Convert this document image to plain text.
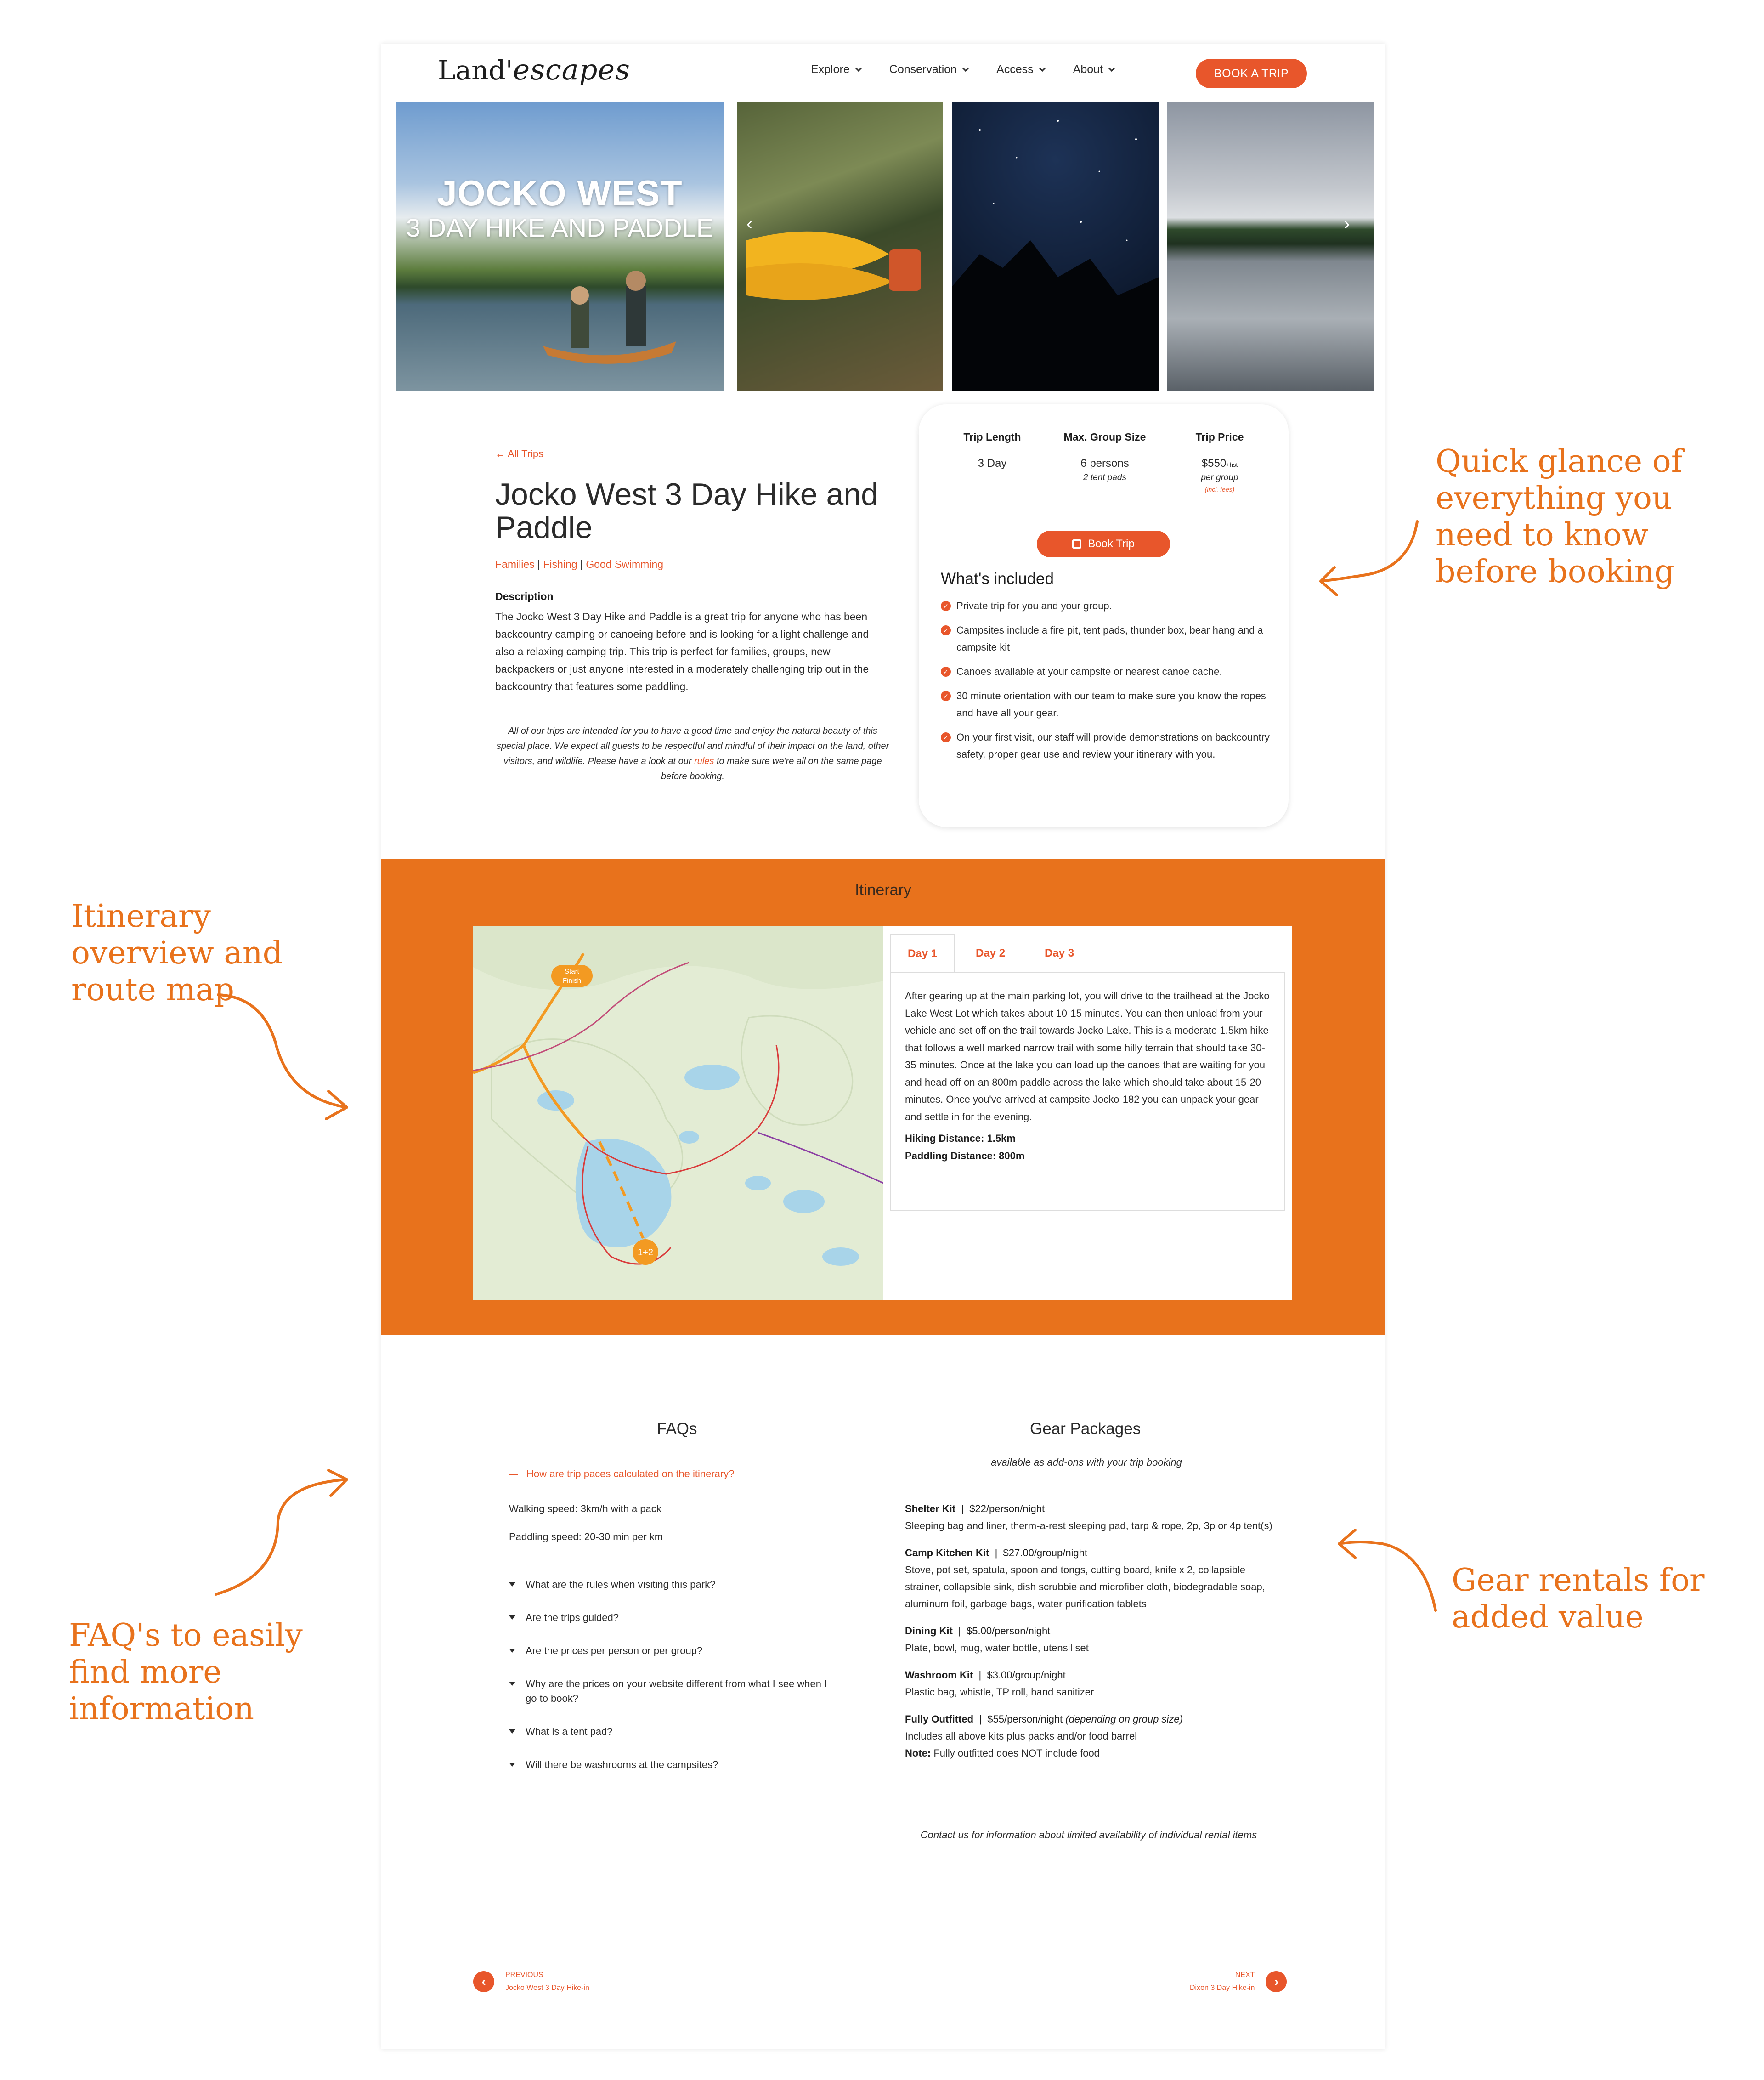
Land' escapes	Explore	Conservation	Access	About	BOOK A TRIP
JOCKO WEST
3 DAY HIKE AND PADDLE	‹	›
← All Trips
Jocko West 3 Day Hike and Paddle
Families | Fishing | Good Swimming
Description
The Jocko West 3 Day Hike and Paddle is a great trip for anyone who has been backcountry camping or canoeing before and is looking for a light challenge and also a relaxing camping trip. This trip is perfect for families, groups, new backpackers or just anyone interested in a moderately challenging trip out in the backcountry that features some paddling.
All of our trips are intended for you to have a good time and enjoy the natural beauty of this special place. We expect all guests to be respectful and mindful of their impact on the land, other visitors, and wildlife. Please have a look at our rules to make sure we're all on the same page before booking.
Trip Length
3 Day
Max. Group Size
6 persons
2 tent pads
Trip Price
$550+hst
per group
(incl. fees)
Book Trip
What's included
✓ Private trip for you and your group.
✓ Campsites include a fire pit, tent pads, thunder box, bear hang and a campsite kit
✓ Canoes available at your campsite or nearest canoe cache.
✓ 30 minute orientation with our team to make sure you know the ropes and have all your gear.
✓ On your first visit, our staff will provide demonstrations on backcountry safety, proper gear use and review your itinerary with you.
Itinerary
Start
Finish
1+2
Day 1	Day 2	Day 3
After gearing up at the main parking lot, you will drive to the trailhead at the Jocko Lake West Lot which takes about 10-15 minutes. You can then unload from your vehicle and set off on the trail towards Jocko Lake. This is a moderate 1.5km hike that follows a well marked narrow trail with some hilly terrain that should take 30-35 minutes. Once at the lake you can load up the canoes that are waiting for you and head off on an 800m paddle across the lake which should take about 15-20 minutes. Once you've arrived at campsite Jocko-182 you can unpack your gear and settle in for the evening.
Hiking Distance: 1.5km
Paddling Distance: 800m
FAQs
How are trip paces calculated on the itinerary?
Walking speed: 3km/h with a pack
Paddling speed: 20-30 min per km
What are the rules when visiting this park?
Are the trips guided?
Are the prices per person or per group?
Why are the prices on your website different from what I see when I go to book?
What is a tent pad?
Will there be washrooms at the campsites?
Gear Packages
available as add-ons with your trip booking
Shelter Kit  |  $22/person/night
Sleeping bag and liner, therm-a-rest sleeping pad, tarp & rope, 2p, 3p or 4p tent(s)
Camp Kitchen Kit  |  $27.00/group/night
Stove, pot set, spatula, spoon and tongs, cutting board, knife x 2, collapsible strainer, collapsible sink, dish scrubbie and microfiber cloth, biodegradable soap, aluminum foil, garbage bags, water purification tablets
Dining Kit  |  $5.00/person/night
Plate, bowl, mug, water bottle, utensil set
Washroom Kit  |  $3.00/group/night
Plastic bag, whistle, TP roll, hand sanitizer
Fully Outfitted  |  $55/person/night (depending on group size)
Includes all above kits plus packs and/or food barrel
Note: Fully outfitted does NOT include food
Contact us for information about limited availability of individual rental items
‹	PREVIOUS
Jocko West 3 Day Hike-in
NEXT
Dixon 3 Day Hike-in	›
Quick glance of everything you need to know before booking
Itinerary overview and route map
FAQ's to easily find more information
Gear rentals for added value
